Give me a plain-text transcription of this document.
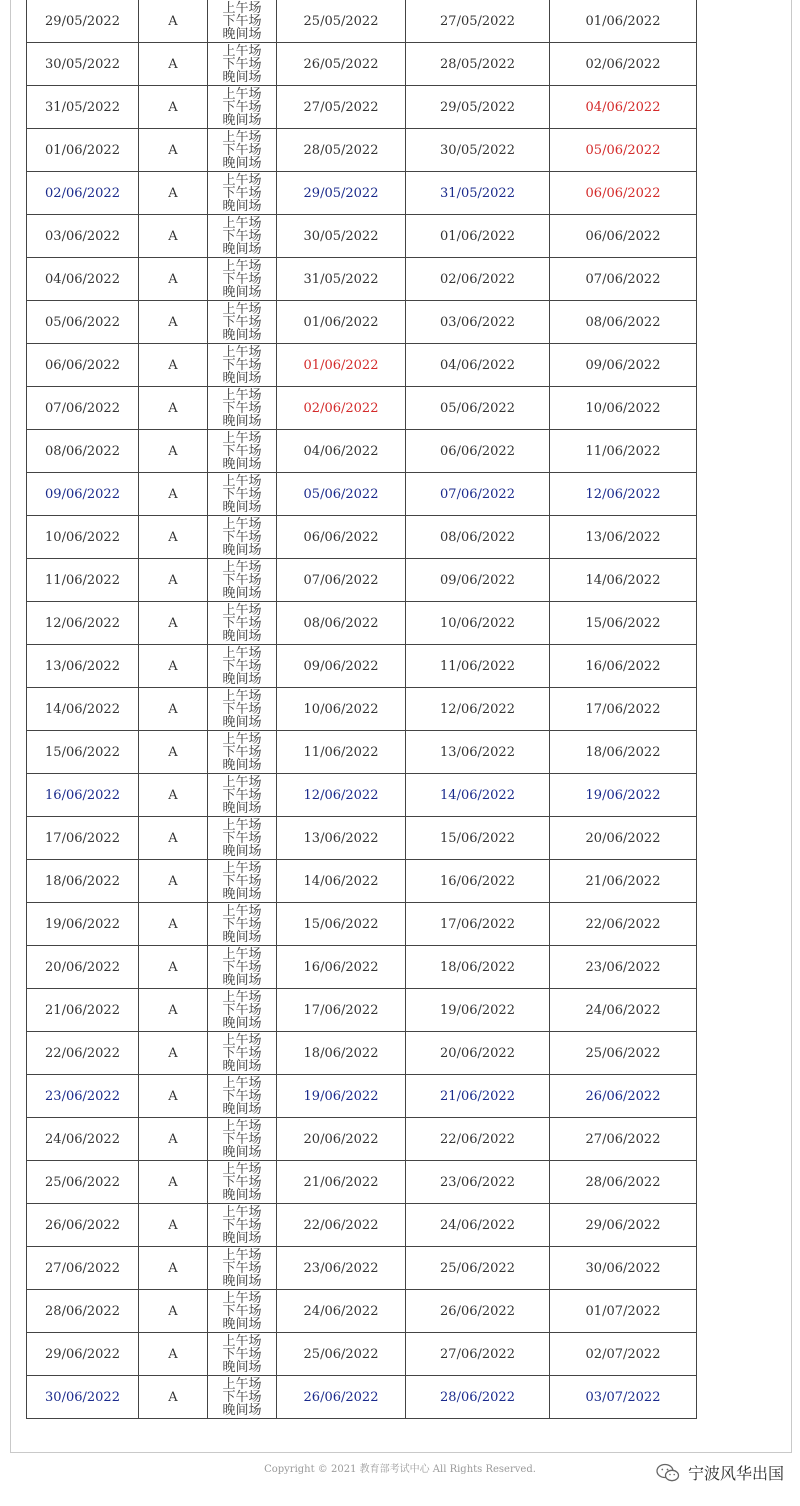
29/05/2022	A	上午场
下午场
晚间场	25/05/2022	27/05/2022	01/06/2022
30/05/2022	A	上午场
下午场
晚间场	26/05/2022	28/05/2022	02/06/2022
31/05/2022	A	上午场
下午场
晚间场	27/05/2022	29/05/2022	04/06/2022
01/06/2022	A	上午场
下午场
晚间场	28/05/2022	30/05/2022	05/06/2022
02/06/2022	A	上午场
下午场
晚间场	29/05/2022	31/05/2022	06/06/2022
03/06/2022	A	上午场
下午场
晚间场	30/05/2022	01/06/2022	06/06/2022
04/06/2022	A	上午场
下午场
晚间场	31/05/2022	02/06/2022	07/06/2022
05/06/2022	A	上午场
下午场
晚间场	01/06/2022	03/06/2022	08/06/2022
06/06/2022	A	上午场
下午场
晚间场	01/06/2022	04/06/2022	09/06/2022
07/06/2022	A	上午场
下午场
晚间场	02/06/2022	05/06/2022	10/06/2022
08/06/2022	A	上午场
下午场
晚间场	04/06/2022	06/06/2022	11/06/2022
09/06/2022	A	上午场
下午场
晚间场	05/06/2022	07/06/2022	12/06/2022
10/06/2022	A	上午场
下午场
晚间场	06/06/2022	08/06/2022	13/06/2022
11/06/2022	A	上午场
下午场
晚间场	07/06/2022	09/06/2022	14/06/2022
12/06/2022	A	上午场
下午场
晚间场	08/06/2022	10/06/2022	15/06/2022
13/06/2022	A	上午场
下午场
晚间场	09/06/2022	11/06/2022	16/06/2022
14/06/2022	A	上午场
下午场
晚间场	10/06/2022	12/06/2022	17/06/2022
15/06/2022	A	上午场
下午场
晚间场	11/06/2022	13/06/2022	18/06/2022
16/06/2022	A	上午场
下午场
晚间场	12/06/2022	14/06/2022	19/06/2022
17/06/2022	A	上午场
下午场
晚间场	13/06/2022	15/06/2022	20/06/2022
18/06/2022	A	上午场
下午场
晚间场	14/06/2022	16/06/2022	21/06/2022
19/06/2022	A	上午场
下午场
晚间场	15/06/2022	17/06/2022	22/06/2022
20/06/2022	A	上午场
下午场
晚间场	16/06/2022	18/06/2022	23/06/2022
21/06/2022	A	上午场
下午场
晚间场	17/06/2022	19/06/2022	24/06/2022
22/06/2022	A	上午场
下午场
晚间场	18/06/2022	20/06/2022	25/06/2022
23/06/2022	A	上午场
下午场
晚间场	19/06/2022	21/06/2022	26/06/2022
24/06/2022	A	上午场
下午场
晚间场	20/06/2022	22/06/2022	27/06/2022
25/06/2022	A	上午场
下午场
晚间场	21/06/2022	23/06/2022	28/06/2022
26/06/2022	A	上午场
下午场
晚间场	22/06/2022	24/06/2022	29/06/2022
27/06/2022	A	上午场
下午场
晚间场	23/06/2022	25/06/2022	30/06/2022
28/06/2022	A	上午场
下午场
晚间场	24/06/2022	26/06/2022	01/07/2022
29/06/2022	A	上午场
下午场
晚间场	25/06/2022	27/06/2022	02/07/2022
30/06/2022	A	上午场
下午场
晚间场	26/06/2022	28/06/2022	03/07/2022
Copyright © 2021 教育部考试中心 All Rights Reserved.	宁波风华出国
